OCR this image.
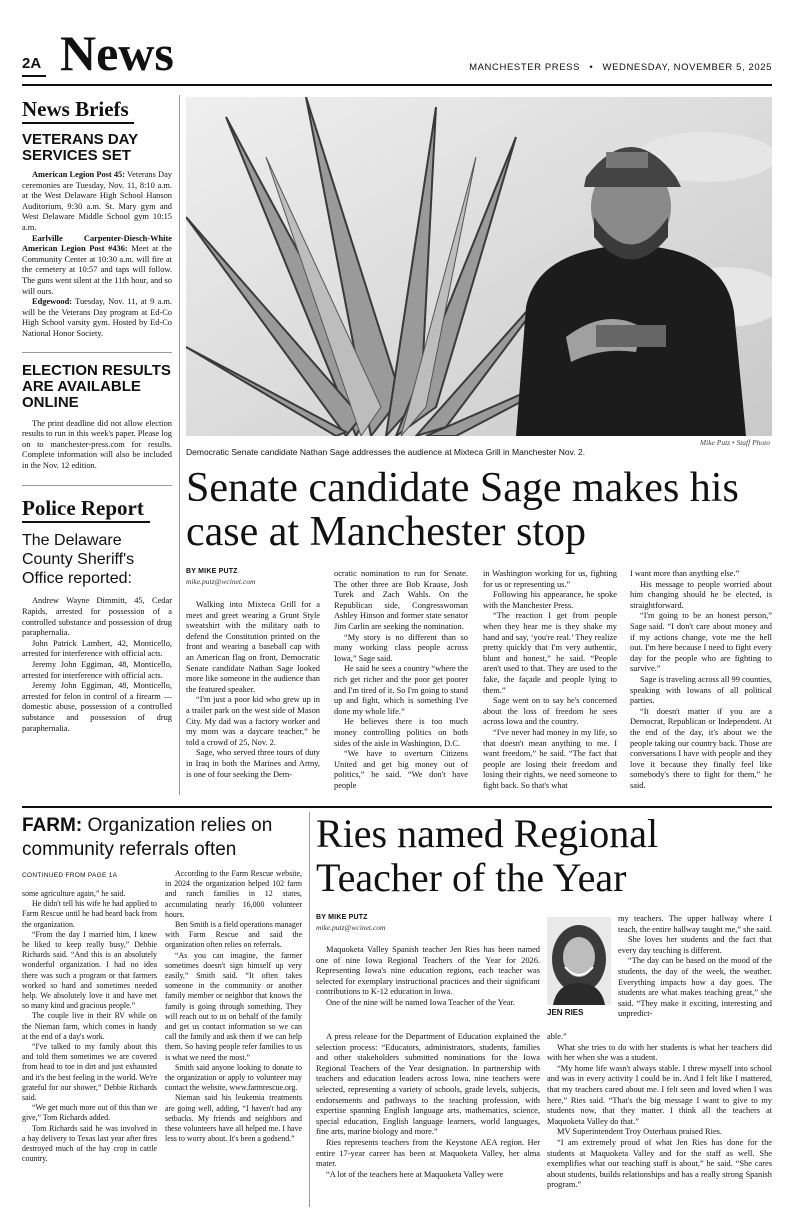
2A News	MANCHESTER PRESS • WEDNESDAY, NOVEMBER 5, 2025
News Briefs
VETERANS DAY SERVICES SET

American Legion Post 45: Veterans Day ceremonies are Tuesday, Nov. 11, 8:10 a.m. at the West Delaware High School Hanson Auditorium, 9:30 a.m. St. Mary gym and West Delaware Middle School gym 10:15 a.m.

Earlville Carpenter-Diesch-White American Legion Post #436: Meet at the Community Center at 10:30 a.m. will fire at the cemetery at 10:57 and taps will follow. The guns went silent at the 11th hour, and so will ours.

Edgewood: Tuesday, Nov. 11, at 9 a.m. will be the Veterans Day program at Ed-Co High School varsity gym. Hosted by Ed-Co National Honor Society.

ELECTION RESULTS ARE AVAILABLE ONLINE

The print deadline did not allow election results to run in this week's paper. Please log on to manchester-press.com for results. Complete information will also be included in the Nov. 12 edition.

Police Report
The Delaware County Sheriff's Office reported:

Andrew Wayne Dimmitt, 45, Cedar Rapids, arrested for possession of a controlled substance and possession of drug paraphernalia.

John Patrick Lambert, 42, Monticello, arrested for interference with official acts.

Jeremy John Eggiman, 48, Monticello, arrested for interference with official acts.

Jeremy John Eggiman, 48, Monticello, arrested for felon in control of a firearm — domestic abuse, possession of a controlled substance and possession of drug paraphernalia.

Mike Putz • Staff Photo
Democratic Senate candidate Nathan Sage addresses the audience at Mixteca Grill in Manchester Nov. 2.
Senate candidate Sage makes his case at Manchester stop
BY MIKE PUTZ
mike.putz@wcinet.com

Walking into Mixteca Grill for a meet and greet wearing a Grunt Style sweatshirt with the military oath to defend the Constitution printed on the front and wearing a baseball cap with an American flag on front, Democratic Senate candidate Nathan Sage looked more like someone in the audience than the featured speaker.

“I'm just a poor kid who grew up in a trailer park on the west side of Mason City. My dad was a factory worker and my mom was a daycare teacher,” he told a crowd of 25, Nov. 2.

Sage, who served three tours of duty in Iraq in both the Marines and Army, is one of four seeking the Dem-

ocratic nomination to run for Senate. The other three are Bob Krause, Josh Turek and Zach Wahls. On the Republican side, Congresswoman Ashley Hinson and former state senator Jim Carlin are seeking the nomination.

“My story is no different than so many working class people across Iowa,” Sage said.

He said he sees a country “where the rich get richer and the poor get poorer and I'm tired of it. So I'm going to stand up and fight, which is something I've done my whole life.”

He believes there is too much money controlling politics on both sides of the aisle in Washington, D.C.

“We have to overturn Citizens United and get big money out of politics,” he said. “We don't have people

in Washington working for us, fighting for us or representing us.”

Following his appearance, he spoke with the Manchester Press.

“The reaction I get from people when they hear me is they shake my hand and say, ‘you're real.’ They realize pretty quickly that I'm very authentic, blunt and honest,” he said. “People aren't used to that. They are used to the fake, the façade and people lying to them.”

Sage went on to say he's concerned about the loss of freedom he sees across Iowa and the country.

“I've never had money in my life, so that doesn't mean anything to me. I want freedom,” he said. “The fact that people are losing their freedom and losing their rights, we need someone to fight back. So that's what

I want more than anything else.”

His message to people worried about him changing should he be elected, is straightforward.

“I'm going to be an honest person,” Sage said. “I don't care about money and if my actions change, vote me the hell out. I'm here because I need to fight every day for the people who are fighting to survive.”

Sage is traveling across all 99 counties, speaking with Iowans of all political parties.

“It doesn't matter if you are a Democrat, Republican or Independent. At the end of the day, it's about we the people taking our country back. Those are conversations I have with people and they love it because they finally feel like somebody's there to fight for them,” he said.

FARM: Organization relies on community referrals often
CONTINUED FROM PAGE 1A

some agriculture again,” he said.

He didn't tell his wife he had applied to Farm Rescue until he had heard back from the organization.

“From the day I married him, I knew he liked to keep really busy,” Debbie Richards said. “And this is an absolutely wonderful organization. I had no idea there was such a program or that farmers worked so hard and sometimes needed help. We absolutely love it and have met so many kind and gracious people.”

The couple live in their RV while on the Nieman farm, which comes in handy at the end of a day's work.

“I've talked to my family about this and told them sometimes we are covered from head to toe in dirt and just exhausted and it's the best feeling in the world. We're grateful for our shower,” Debbie Richards said.

“We get much more out of this than we give,” Tom Richards added.

Tom Richards said he was involved in a hay delivery to Texas last year after fires destroyed much of the hay crop in cattle country.

According to the Farm Rescue website, in 2024 the organization helped 102 farm and ranch families in 12 states, accumulating nearly 16,000 volunteer hours.

Ben Smith is a field operations manager with Farm Rescue and said the organization often relies on referrals.

“As you can imagine, the farmer sometimes doesn't sign himself up very easily,” Smith said. “It often takes someone in the community or another family member or neighbor that knows the family is going through something. They will reach out to us on behalf of the family and get us contact information so we can call the family and ask them if we can help them. So having people refer families to us is what we need the most.”

Smith said anyone looking to donate to the organization or apply to volunteer may contact the website, www.farmrescue.org.

Nieman said his leukemia treatments are going well, adding, “I haven't had any setbacks. My friends and neighbors and these volunteers have all helped me. I have less to worry about. It's been a godsend.”

Ries named Regional Teacher of the Year
BY MIKE PUTZ
mike.putz@wcinet.com

Maquoketa Valley Spanish teacher Jen Ries has been named one of nine Iowa Regional Teachers of the Year for 2026. Representing Iowa's nine education regions, each teacher was selected for exemplary instructional practices and their significant contributions to K-12 education in Iowa.

One of the nine will be named Iowa Teacher of the Year.

JEN RIES

my teachers. The upper hallway where I teach, the entire hallway taught me,” she said.

She loves her students and the fact that every day teaching is different.

“The day can be based on the mood of the students, the day of the week, the weather. Everything impacts how a day goes. The students are what makes teaching great,” she said. “They make it exciting, interesting and unpredict-

A press release for the Department of Education explained the selection process: “Educators, administrators, students, families and other stakeholders submitted nominations for the Iowa Regional Teachers of the Year designation. In partnership with teachers and education leaders across Iowa, nine teachers were selected, representing a variety of schools, grade levels, subjects, endorsements and pathways to the teaching profession, with expertise spanning English language arts, mathematics, science, special education, English language learners, world languages, fine arts, marine biology and more.”

Ries represents teachers from the Keystone AEA region. Her entire 17-year career has been at Maquoketa Valley, her alma mater.

“A lot of the teachers here at Maquoketa Valley were

able.”

What she tries to do with her students is what her teachers did with her when she was a student.

“My home life wasn't always stable. I threw myself into school and was in every activity I could be in. And I felt like I mattered, that my teachers cared about me. I felt seen and loved when I was here,” Ries said. “That's the big message I want to give to my students now, that they matter. I think all the teachers at Maquoketa Valley do that.”

MV Superintendent Troy Osterhaus praised Ries.

“I am extremely proud of what Jen Ries has done for the students at Maquoketa Valley and for the staff as well. She exemplifies what our teaching staff is about,” he said. “She cares about students, builds relationships and has a really strong Spanish program.”
